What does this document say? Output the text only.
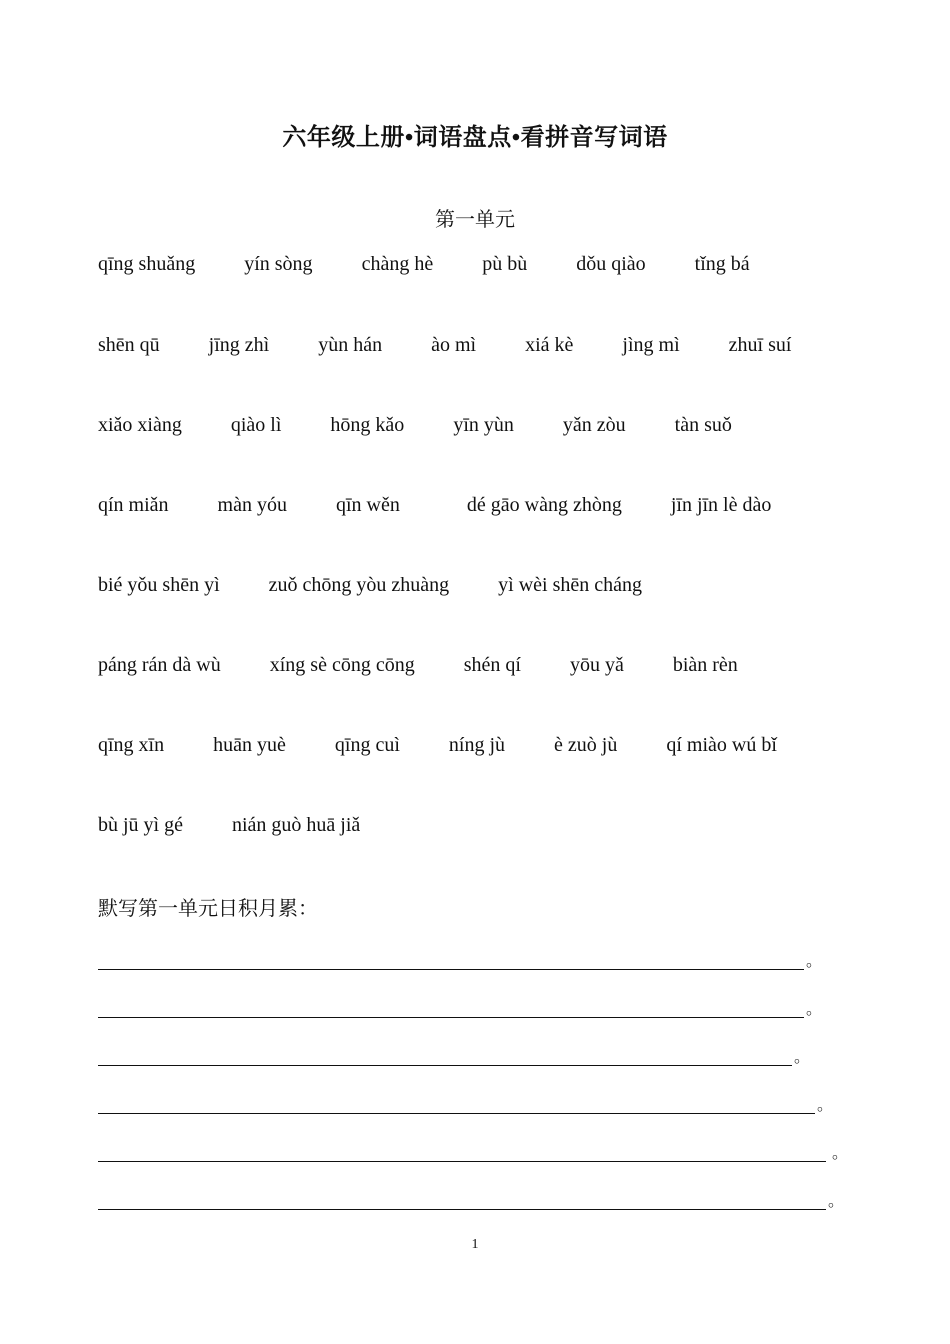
六年级上册•词语盘点•看拼音写词语
第一单元
qīng shuǎng yín sòng chàng hè pù bù dǒu qiào tǐng bá
shēn qū jīng zhì yùn hán ào mì xiá kè jìng mì zhuī suí
xiǎo xiàng qiào lì hōng kǎo yīn yùn yǎn zòu tàn suǒ
qín miǎn màn yóu qīn wěn	dé gāo wàng zhòng jīn jīn lè dào
bié yǒu shēn yì zuǒ chōng yòu zhuàng yì wèi shēn cháng
páng rán dà wù xíng sè cōng cōng shén qí yōu yǎ biàn rèn
qīng xīn huān yuè qīng cuì níng jù è zuò jù qí miào wú bǐ
bù jū yì gé nián guò huā jiǎ
默写第一单元日积月累：
。
。
。
。
。
。
1
